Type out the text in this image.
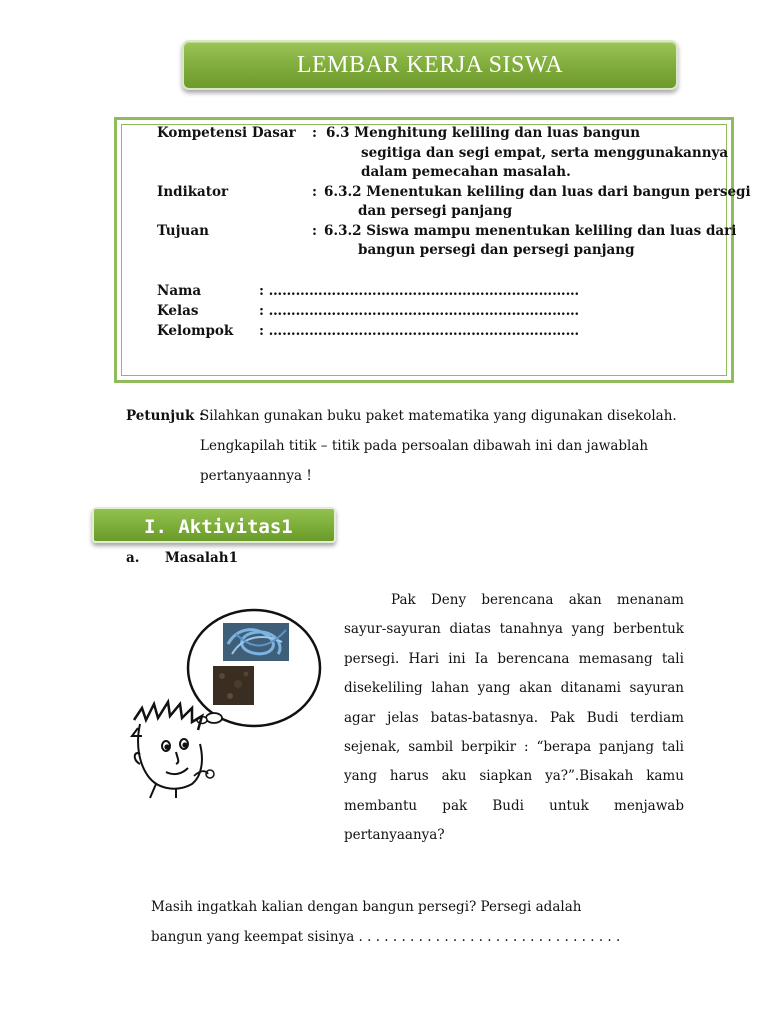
LEMBAR KERJA SISWA
Kompetensi Dasar : 6.3 Menghitung keliling dan luas bangun
segitiga dan segi empat, serta menggunakannya
dalam pemecahan masalah.
Indikator	: 6.3.2 Menentukan keliling dan luas dari bangun persegi
dan persegi panjang
Tujuan	: 6.3.2 Siswa mampu menentukan keliling dan luas dari
bangun persegi dan persegi panjang
Nama	: ……………………………………………………………
Kelas	: ……………………………………………………………
Kelompok : ……………………………………………………………
Petunjuk :
Silahkan gunakan buku paket matematika yang digunakan disekolah.
Lengkapilah titik – titik pada persoalan dibawah ini dan jawablah
pertanyaannya !
I. Aktivitas1
a. Masalah1
Pak Deny berencana akan menanam
sayur-sayuran diatas tanahnya yang berbentuk
persegi. Hari ini Ia berencana memasang tali
disekeliling lahan yang akan ditanami sayuran
agar jelas batas-batasnya. Pak Budi terdiam
sejenak, sambil berpikir : “berapa panjang tali
yang harus aku siapkan ya?”.Bisakah kamu
membantu pak Budi untuk menjawab
pertanyaanya?
Masih ingatkah kalian dengan bangun persegi? Persegi adalah
bangun yang keempat sisinya . . . . . . . . . . . . . . . . . . . . . . . . . . . . . . .
